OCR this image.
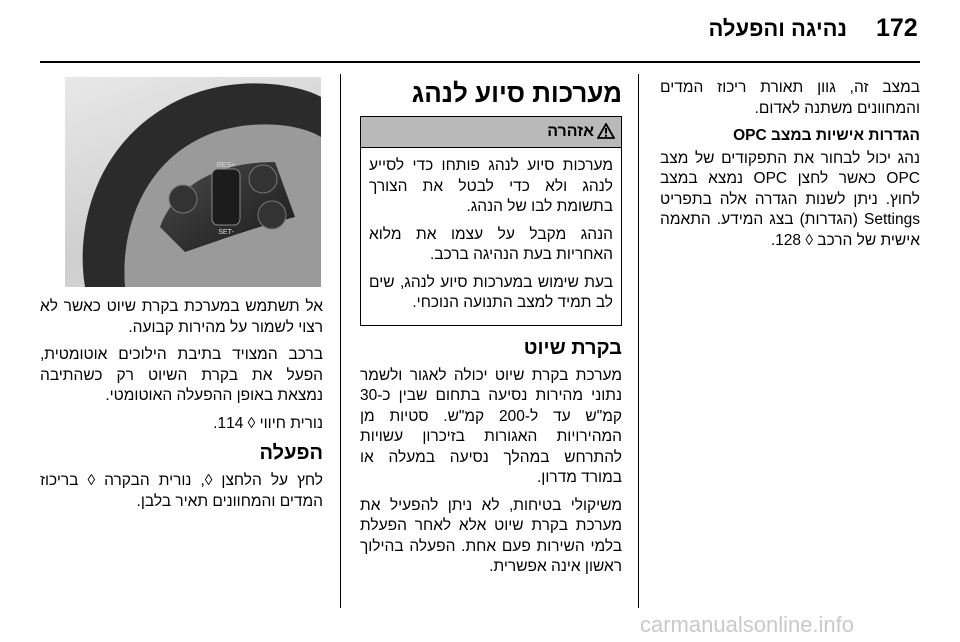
172
נהיגה והפעלה

במצב זה, גוון תאורת ריכוז המדים והמחוונים משתנה לאדום.

הגדרות אישיות במצב OPC

נהג יכול לבחור את התפקודים של מצב OPC כאשר לחצן OPC נמצא במצב לחוץ. ניתן לשנות הגדרה אלה בתפריט Settings (הגדרות) בצג המידע. התאמה אישית של הרכב ◊ 128.

מערכות סיוע לנהג
אזהרה

מערכות סיוע לנהג פותחו כדי לסייע לנהג ולא כדי לבטל את הצורך בתשומת לבו של הנהג.

הנהג מקבל על עצמו את מלוא האחריות בעת הנהיגה ברכב.

בעת שימוש במערכות סיוע לנהג, שים לב תמיד למצב התנועה הנוכחי.

בקרת שיוט

מערכת בקרת שיוט יכולה לאגור ולשמר נתוני מהירות נסיעה בתחום שבין כ-30 קמ"ש עד ל-200 קמ"ש. סטיות מן המהירויות האגורות בזיכרון עשויות להתרחש במהלך נסיעה במעלה או במורד מדרון.

משיקולי בטיחות, לא ניתן להפעיל את מערכת בקרת שיוט אלא לאחר הפעלת בלמי השירות פעם אחת. הפעלה בהילוך ראשון אינה אפשרית.

RES+
SET-

אל תשתמש במערכת בקרת שיוט כאשר לא רצוי לשמור על מהירות קבועה.

ברכב המצויד בתיבת הילוכים אוטומטית, הפעל את בקרת השיוט רק כשהתיבה נמצאת באופן ההפעלה האוטומטי.

נורית חיווי ◊ 114.

הפעלה

לחץ על הלחצן ◊, נורית הבקרה ◊ בריכוז המדים והמחוונים תאיר בלבן.

carmanualsonline.info
